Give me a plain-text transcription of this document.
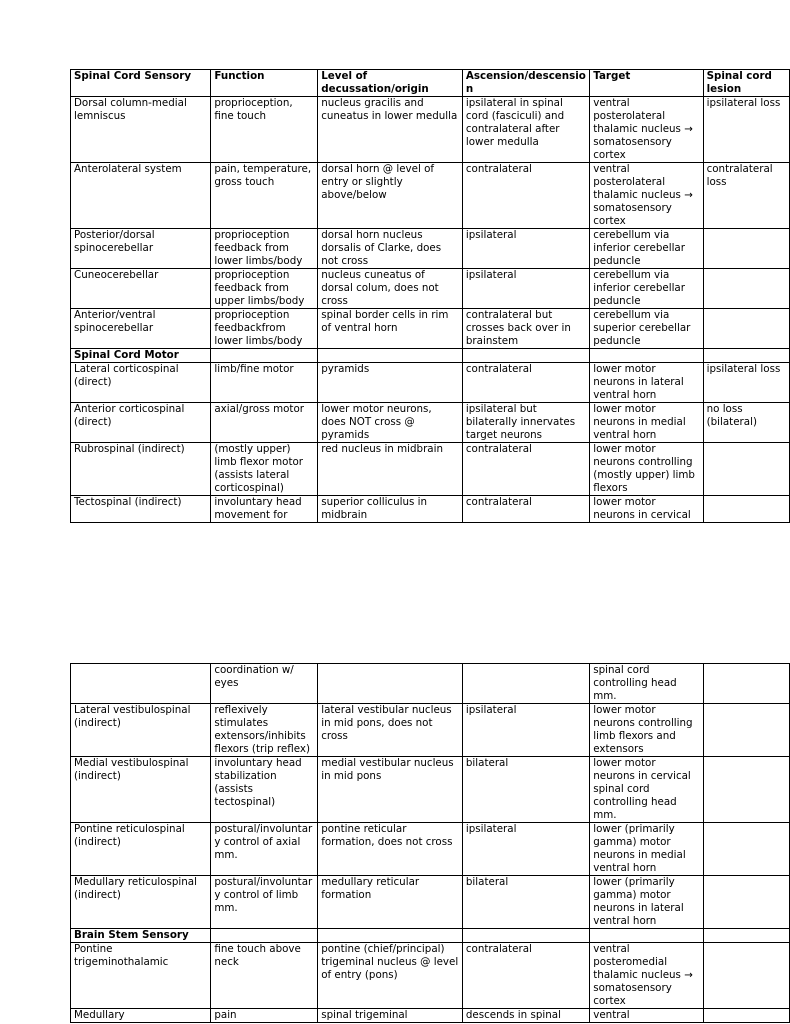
Spinal Cord Sensory	Function	Level of decussation/origin	Ascension/descension	Target	Spinal cord lesion
Dorsal column-medial lemniscus	proprioception, fine touch	nucleus gracilis and cuneatus in lower medulla	ipsilateral in spinal cord (fasciculi) and contralateral after lower medulla	ventral posterolateral thalamic nucleus → somatosensory cortex	ipsilateral loss
Anterolateral system	pain, temperature, gross touch	dorsal horn @ level of entry or slightly above/below	contralateral	ventral posterolateral thalamic nucleus → somatosensory cortex	contralateral loss
Posterior/dorsal spinocerebellar	proprioception feedback from lower limbs/body	dorsal horn nucleus dorsalis of Clarke, does not cross	ipsilateral	cerebellum via inferior cerebellar peduncle	
Cuneocerebellar	proprioception feedback from upper limbs/body	nucleus cuneatus of dorsal colum, does not cross	ipsilateral	cerebellum via inferior cerebellar peduncle	
Anterior/ventral spinocerebellar	proprioception feedbackfrom lower limbs/body	spinal border cells in rim of ventral horn	contralateral but crosses back over in brainstem	cerebellum via superior cerebellar peduncle	
Spinal Cord Motor					
Lateral corticospinal (direct)	limb/fine motor	pyramids	contralateral	lower motor neurons in lateral ventral horn	ipsilateral loss
Anterior corticospinal (direct)	axial/gross motor	lower motor neurons, does NOT cross @ pyramids	ipsilateral but bilaterally innervates target neurons	lower motor neurons in medial ventral horn	no loss (bilateral)
Rubrospinal (indirect)	(mostly upper) limb flexor motor (assists lateral corticospinal)	red nucleus in midbrain	contralateral	lower motor neurons controlling (mostly upper) limb flexors	
Tectospinal (indirect)	involuntary head movement for	superior colliculus in midbrain	contralateral	lower motor neurons in cervical	
	coordination w/ eyes			spinal cord controlling head mm.	
Lateral vestibulospinal (indirect)	reflexively stimulates extensors/inhibits flexors (trip reflex)	lateral vestibular nucleus in mid pons, does not cross	ipsilateral	lower motor neurons controlling limb flexors and extensors	
Medial vestibulospinal (indirect)	involuntary head stabilization (assists tectospinal)	medial vestibular nucleus in mid pons	bilateral	lower motor neurons in cervical spinal cord controlling head mm.	
Pontine reticulospinal (indirect)	postural/involuntary control of axial mm.	pontine reticular formation, does not cross	ipsilateral	lower (primarily gamma) motor neurons in medial ventral horn	
Medullary reticulospinal (indirect)	postural/involuntary control of limb mm.	medullary reticular formation	bilateral	lower (primarily gamma) motor neurons in lateral ventral horn	
Brain Stem Sensory					
Pontine trigeminothalamic	fine touch above neck	pontine (chief/principal) trigeminal nucleus @ level of entry (pons)	contralateral	ventral posteromedial thalamic nucleus → somatosensory cortex	
Medullary	pain	spinal trigeminal	descends in spinal	ventral	
